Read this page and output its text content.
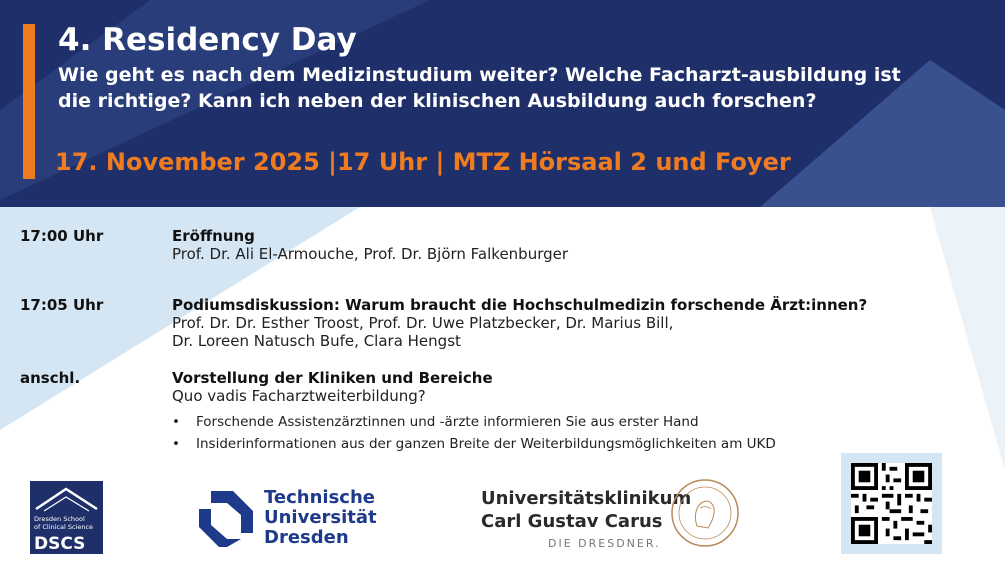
4. Residency Day

Wie geht es nach dem Medizinstudium weiter? Welche Facharzt-ausbildung ist die richtige? Kann ich neben der klinischen Ausbildung auch forschen?

17. November 2025 |17 Uhr | MTZ Hörsaal 2 und Foyer

17:00 Uhr	Eröffnung

Prof. Dr. Ali El-Armouche, Prof. Dr. Björn Falkenburger

17:05 Uhr	Podiumsdiskussion: Warum braucht die Hochschulmedizin forschende Ärzt:innen?

Prof. Dr. Dr. Esther Troost, Prof. Dr. Uwe Platzbecker, Dr. Marius Bill,

Dr. Loreen Natusch Bufe, Clara Hengst

anschl.	Vorstellung der Kliniken und Bereiche

Quo vadis Facharztweiterbildung?

• Forschende Assistenzärztinnen und -ärzte informieren Sie aus erster Hand
• Insiderinformationen aus der ganzen Breite der Weiterbildungsmöglichkeiten am UKD
Dresden School
of Clinical Science
DSCS
Technische
Universität
Dresden
Universitätsklinikum
Carl Gustav Carus
DIE DRESDNER.
